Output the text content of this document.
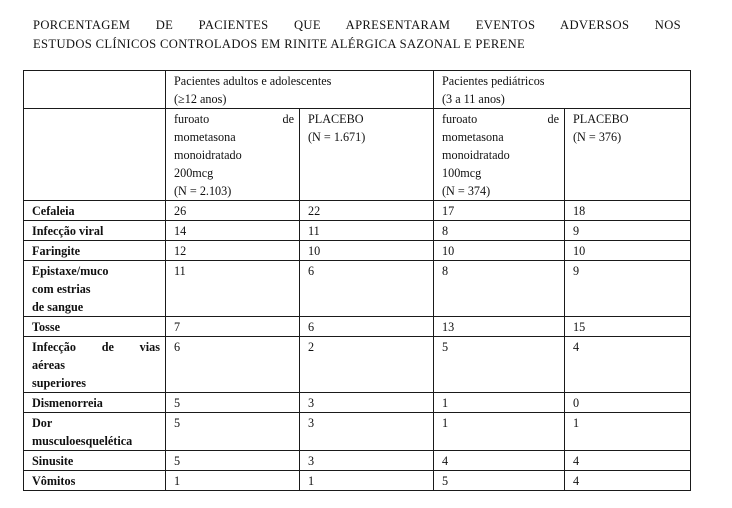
PORCENTAGEM DE PACIENTES QUE APRESENTARAM EVENTOS ADVERSOS NOS
ESTUDOS CLÍNICOS CONTROLADOS EM RINITE ALÉRGICA SAZONAL E PERENE

	Pacientes adultos e adolescentes
(≥12 anos)		Pacientes pediátricos
(3 a 11 anos)	

	furoato de
mometasona
monoidratado
200mcg
(N = 2.103)	PLACEBO
(N = 1.671)	furoato de
mometasona
monoidratado
100mcg
(N = 374)	PLACEBO
(N = 376)

Cefaleia	26	22	17	18

Infecção viral	14	11	8	9

Faringite	12	10	10	10

Epistaxe/muco
com estrias
de sangue	11	6	8	9

Tosse	7	6	13	15

Infecção de vias
aéreas
superiores	6	2	5	4

Dismenorreia	5	3	1	0

Dor
musculoesquelética	5	3	1	1

Sinusite	5	3	4	4

Vômitos	1	1	5	4
